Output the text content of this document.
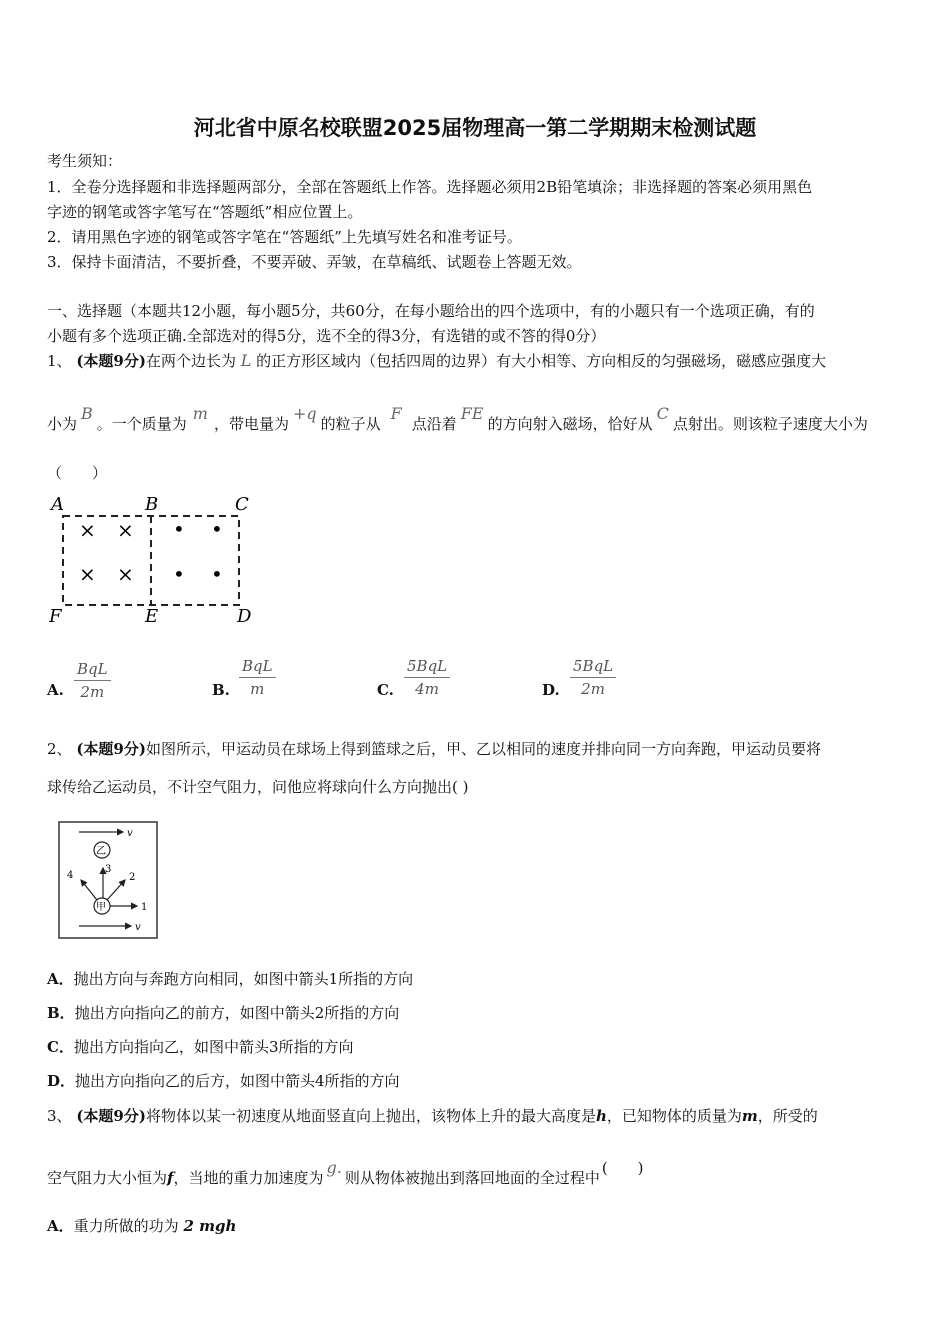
河北省中原名校联盟2025届物理高一第二学期期末检测试题
考生须知：
1．全卷分选择题和非选择题两部分，全部在答题纸上作答。选择题必须用2B铅笔填涂；非选择题的答案必须用黑色
字迹的钢笔或答字笔写在“答题纸”相应位置上。
2．请用黑色字迹的钢笔或答字笔在“答题纸”上先填写姓名和准考证号。
3．保持卡面清洁，不要折叠，不要弄破、弄皱，在草稿纸、试题卷上答题无效。
一、选择题（本题共12小题，每小题5分，共60分，在每小题给出的四个选项中，有的小题只有一个选项正确，有的
小题有多个选项正确.全部选对的得5分，选不全的得3分，有选错的或不答的得0分）
1、 (本题9分)在两个边长为 L 的正方形区域内（包括四周的边界）有大小相等、方向相反的匀强磁场，磁感应强度大
小为B。一个质量为m，带电量为+q的粒子从F点沿着FE的方向射入磁场，恰好从C点射出。则该粒子速度大小为
（　　）
A	B	C
F	E	D
× ×
× ×
• •
• •
A.
BqL
2m	B.
BqL
m	C.
5BqL
4m	D.
5BqL
2m
2、 (本题9分)如图所示，甲运动员在球场上得到篮球之后，甲、乙以相同的速度并排向同一方向奔跑，甲运动员要将
球传给乙运动员，不计空气阻力，问他应将球向什么方向抛出( )
v
乙
甲	1
2
3
4
v
A．抛出方向与奔跑方向相同，如图中箭头1所指的方向
B．抛出方向指向乙的前方，如图中箭头2所指的方向
C．抛出方向指向乙，如图中箭头3所指的方向
D．抛出方向指向乙的后方，如图中箭头4所指的方向
3、 (本题9分)将物体以某一初速度从地面竖直向上抛出，该物体上升的最大高度是h，已知物体的质量为m，所受的
空气阻力大小恒为f，当地的重力加速度为g.则从物体被抛出到落回地面的全过程中(　　)
A．重力所做的功为 2 mgh
